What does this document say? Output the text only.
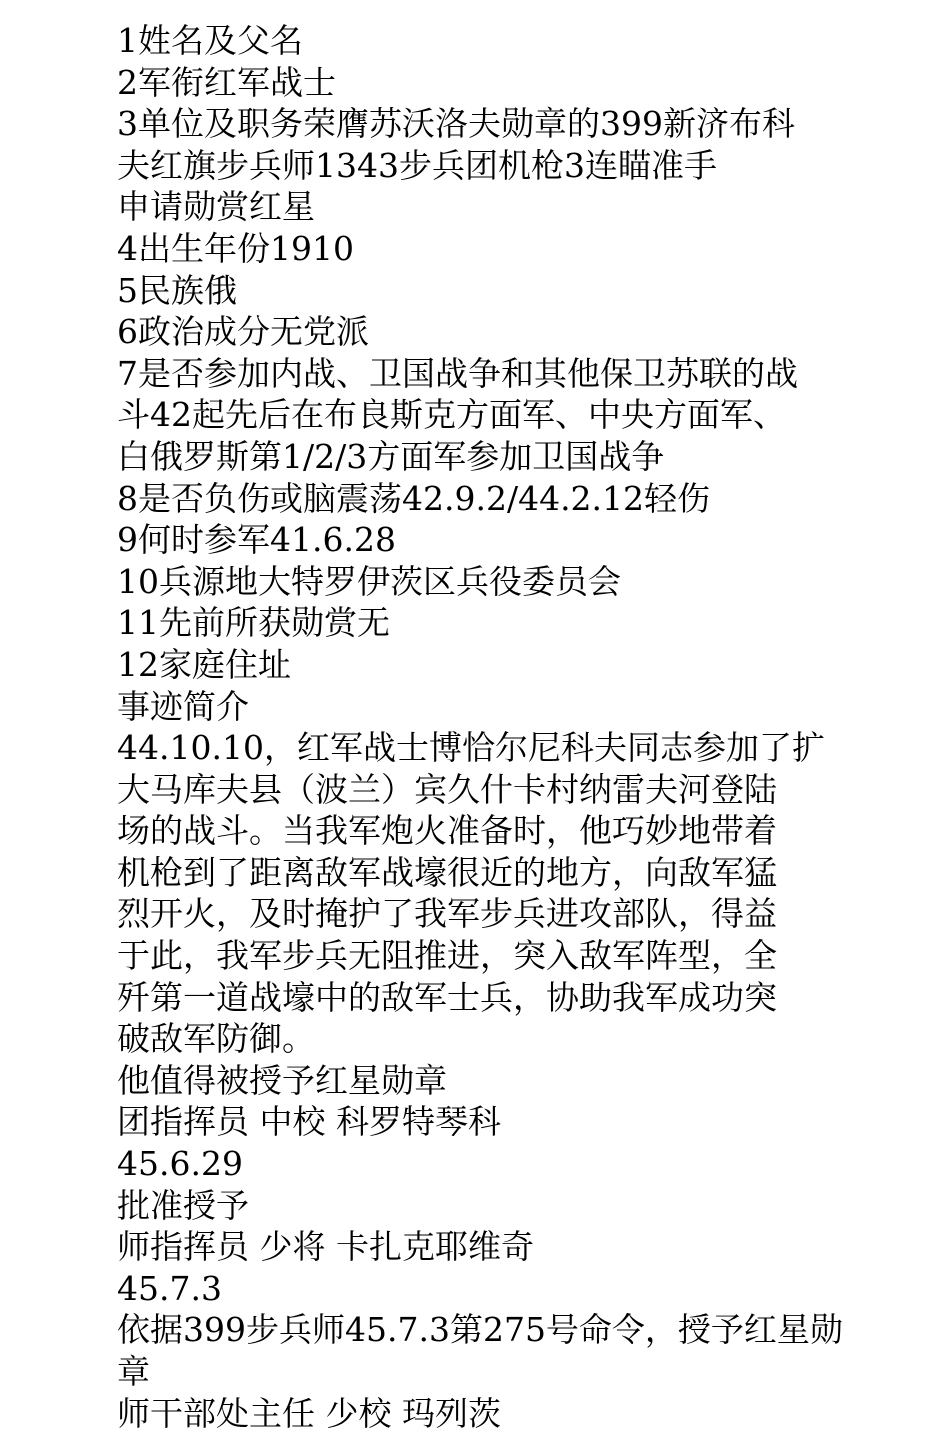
1姓名及父名
2军衔红军战士
3单位及职务荣膺苏沃洛夫勋章的399新济布科
夫红旗步兵师1343步兵团机枪3连瞄准手
申请勋赏红星
4出生年份1910
5民族俄
6政治成分无党派
7是否参加内战、卫国战争和其他保卫苏联的战
斗42起先后在布良斯克方面军、中央方面军、
白俄罗斯第1/2/3方面军参加卫国战争
8是否负伤或脑震荡42.9.2/44.2.12轻伤
9何时参军41.6.28
10兵源地大特罗伊茨区兵役委员会
11先前所获勋赏无
12家庭住址
事迹简介
44.10.10，红军战士博恰尔尼科夫同志参加了扩
大马库夫县（波兰）宾久什卡村纳雷夫河登陆
场的战斗。当我军炮火准备时，他巧妙地带着
机枪到了距离敌军战壕很近的地方，向敌军猛
烈开火，及时掩护了我军步兵进攻部队，得益
于此，我军步兵无阻推进，突入敌军阵型，全
歼第一道战壕中的敌军士兵，协助我军成功突
破敌军防御。
他值得被授予红星勋章
团指挥员 中校 科罗特琴科
45.6.29
批准授予
师指挥员 少将 卡扎克耶维奇
45.7.3
依据399步兵师45.7.3第275号命令，授予红星勋
章
师干部处主任 少校 玛列茨
